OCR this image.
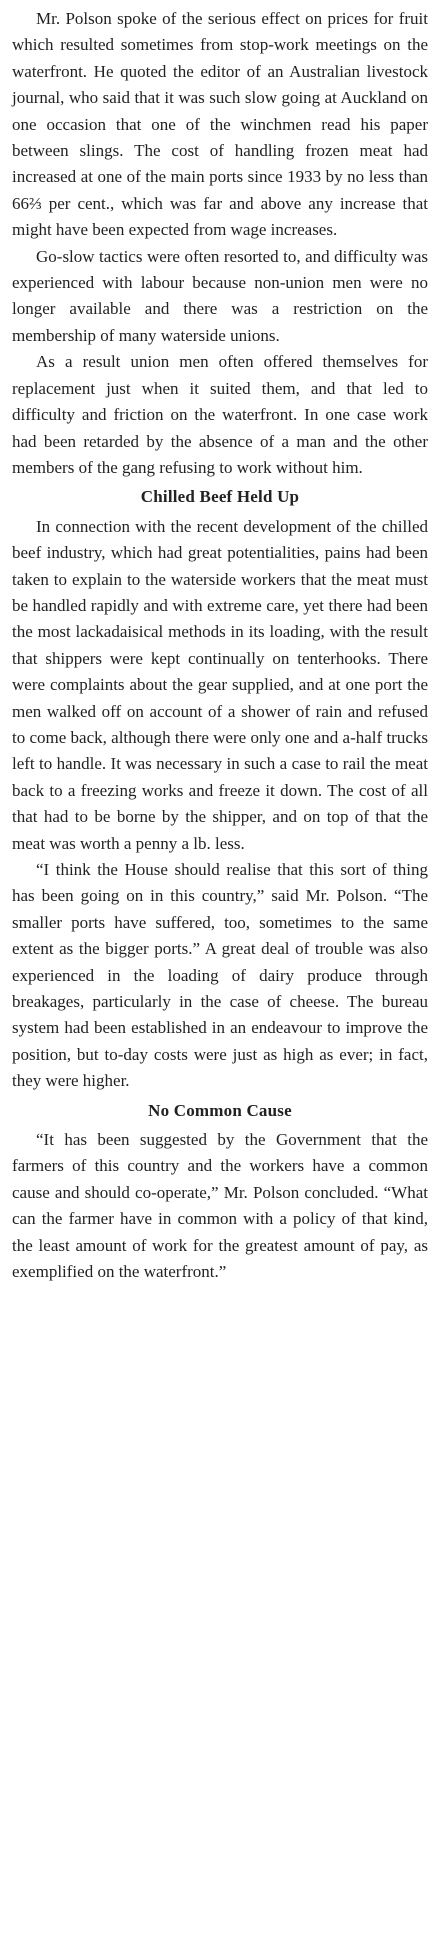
Mr. Polson spoke of the serious effect on prices for fruit which resulted sometimes from stop-work meetings on the waterfront. He quoted the editor of an Australian livestock journal, who said that it was such slow going at Auckland on one occasion that one of the winchmen read his paper between slings. The cost of handling frozen meat had increased at one of the main ports since 1933 by no less than 66⅔ per cent., which was far and above any increase that might have been expected from wage increases.

Go-slow tactics were often resorted to, and difficulty was experienced with labour because non-union men were no longer available and there was a restriction on the membership of many waterside unions.

As a result union men often offered themselves for replacement just when it suited them, and that led to difficulty and friction on the waterfront. In one case work had been retarded by the absence of a man and the other members of the gang refusing to work without him.

Chilled Beef Held Up

In connection with the recent development of the chilled beef industry, which had great potentialities, pains had been taken to explain to the waterside workers that the meat must be handled rapidly and with extreme care, yet there had been the most lackadaisical methods in its loading, with the result that shippers were kept continually on tenterhooks. There were complaints about the gear supplied, and at one port the men walked off on account of a shower of rain and refused to come back, although there were only one and a-half trucks left to handle. It was necessary in such a case to rail the meat back to a freezing works and freeze it down. The cost of all that had to be borne by the shipper, and on top of that the meat was worth a penny a lb. less.

“I think the House should realise that this sort of thing has been going on in this country,” said Mr. Polson. “The smaller ports have suffered, too, sometimes to the same extent as the bigger ports.” A great deal of trouble was also experienced in the loading of dairy produce through breakages, particularly in the case of cheese. The bureau system had been established in an endeavour to improve the position, but to-day costs were just as high as ever; in fact, they were higher.

No Common Cause

“It has been suggested by the Government that the farmers of this country and the workers have a common cause and should co-operate,” Mr. Polson concluded. “What can the farmer have in common with a policy of that kind, the least amount of work for the greatest amount of pay, as exemplified on the waterfront.”
